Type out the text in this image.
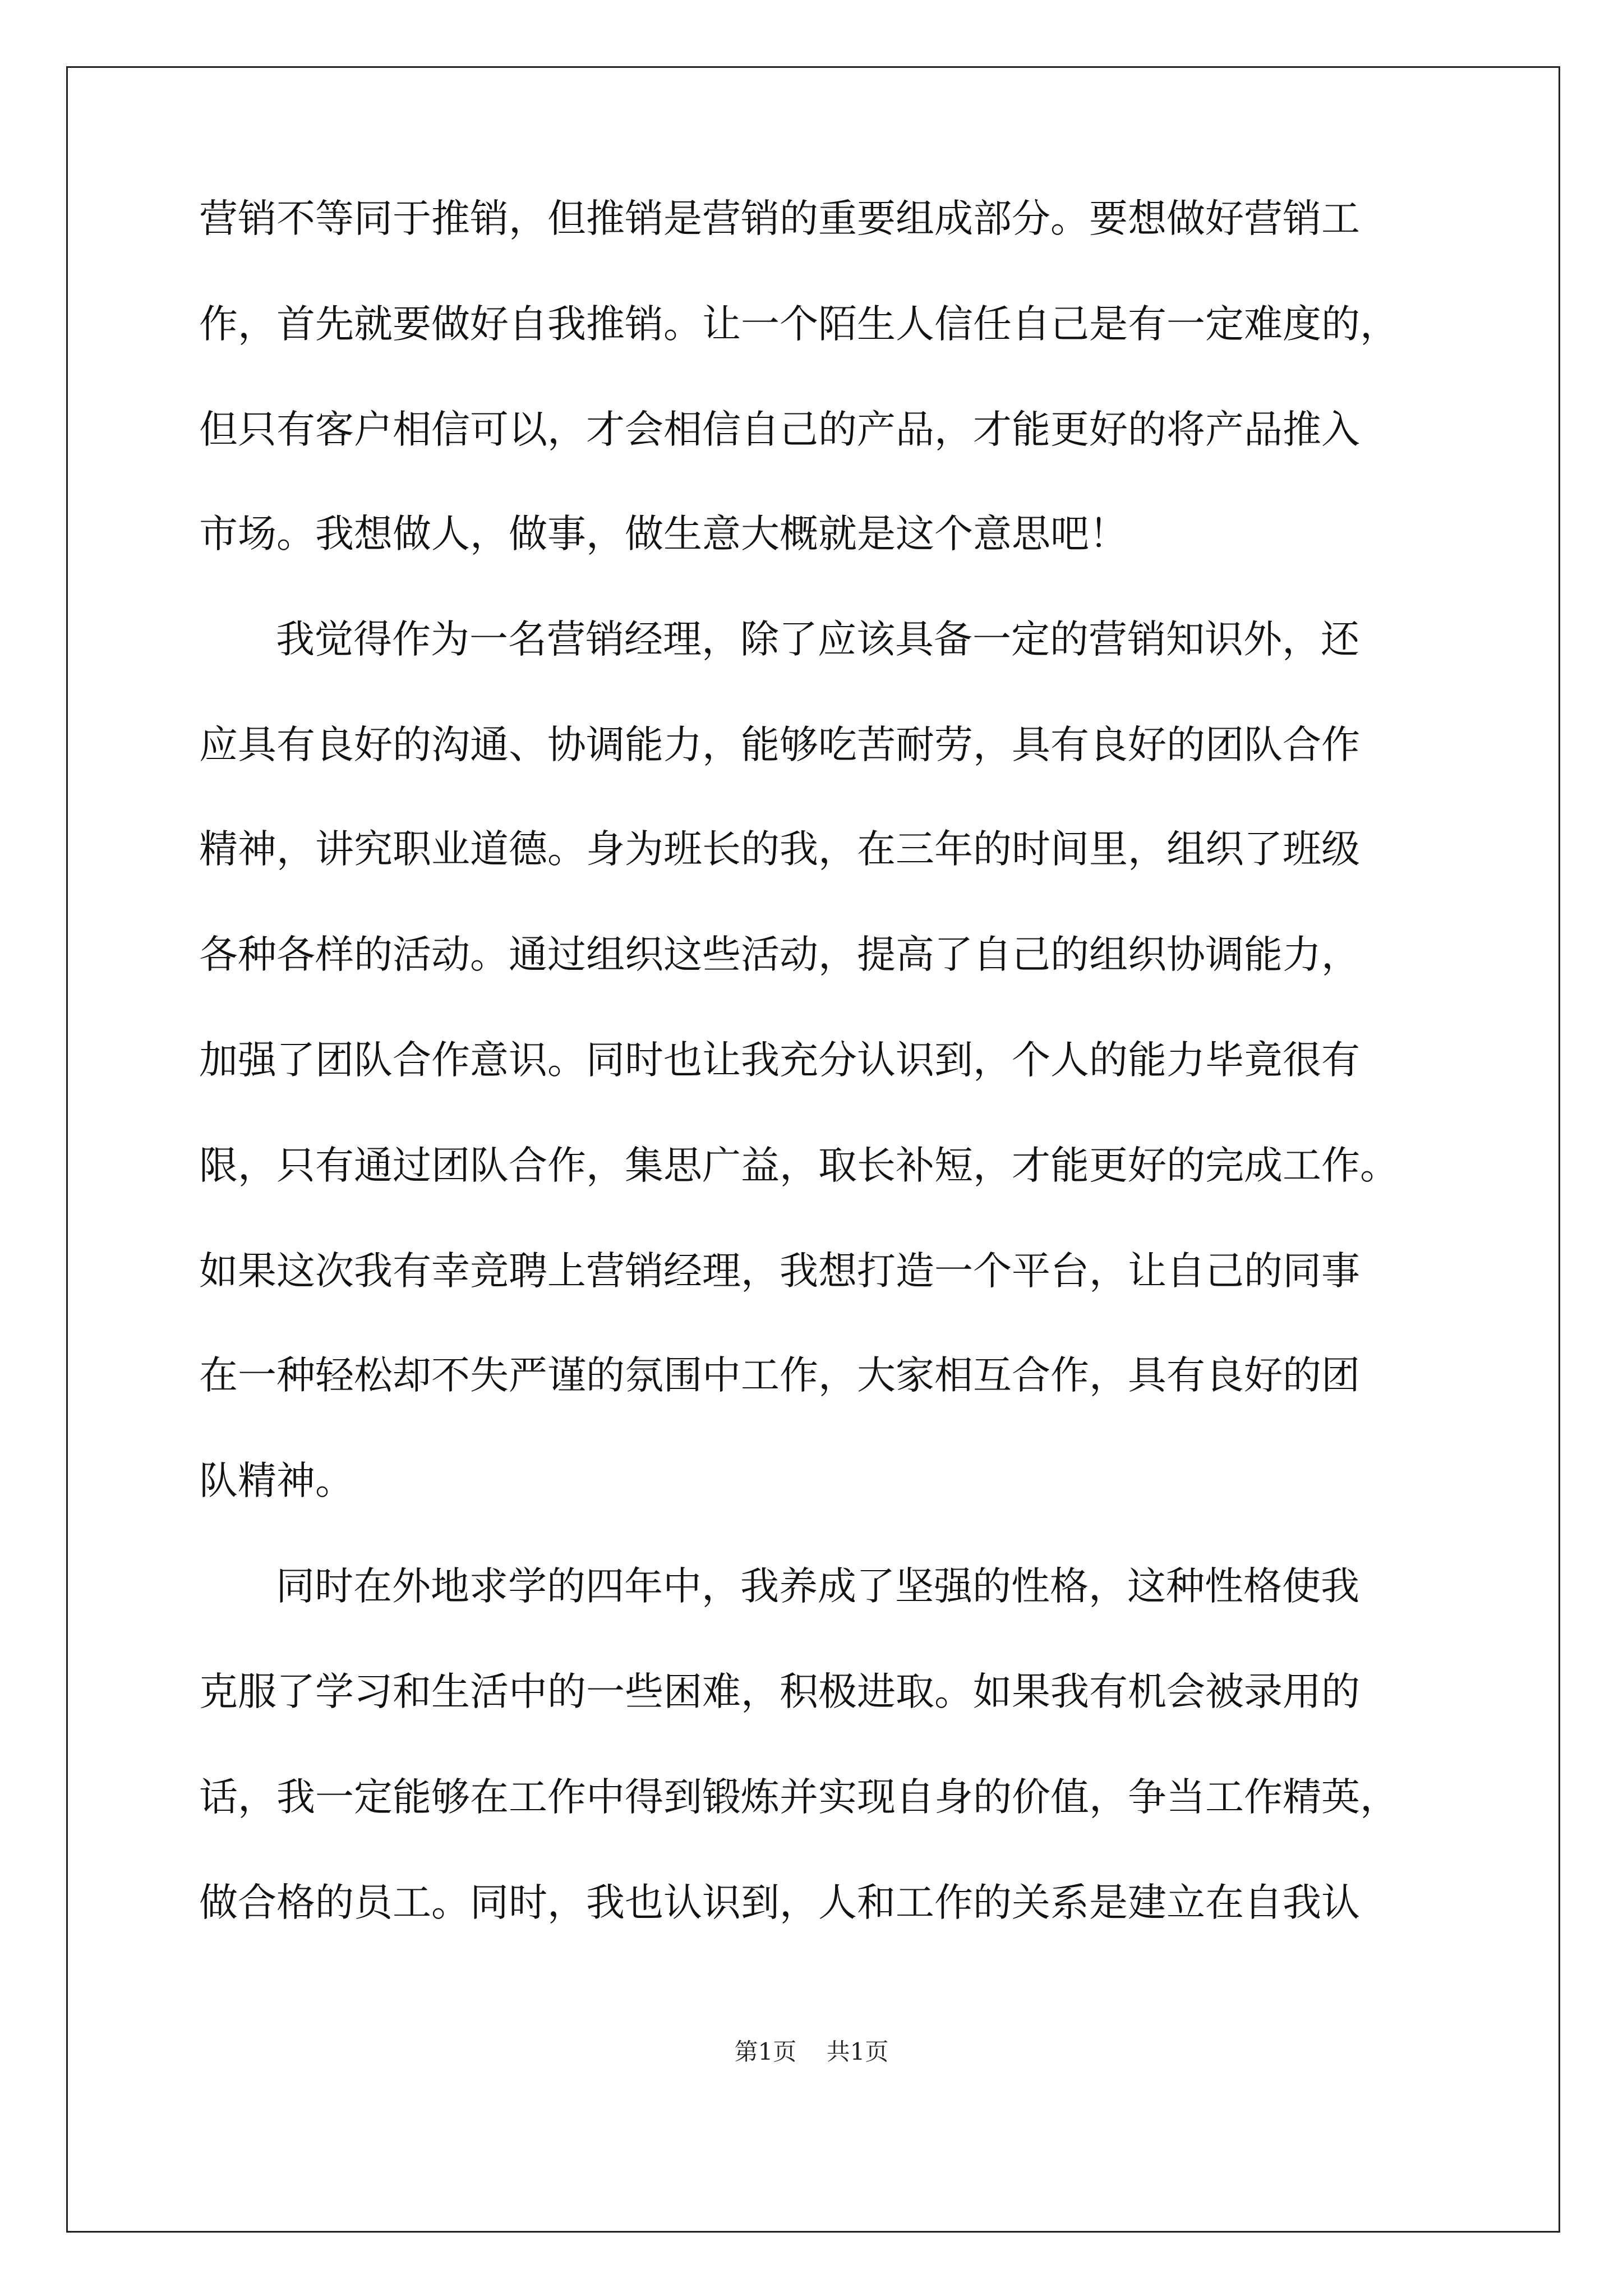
营销不等同于推销，但推销是营销的重要组成部分。要想做好营销工
作，首先就要做好自我推销。让一个陌生人信任自己是有一定难度的，
但只有客户相信可以，才会相信自己的产品，才能更好的将产品推入
市场。我想做人，做事，做生意大概就是这个意思吧！
我觉得作为一名营销经理，除了应该具备一定的营销知识外，还
应具有良好的沟通、协调能力，能够吃苦耐劳，具有良好的团队合作
精神，讲究职业道德。身为班长的我，在三年的时间里，组织了班级
各种各样的活动。通过组织这些活动，提高了自己的组织协调能力，
加强了团队合作意识。同时也让我充分认识到，个人的能力毕竟很有
限，只有通过团队合作，集思广益，取长补短，才能更好的完成工作。
如果这次我有幸竞聘上营销经理，我想打造一个平台，让自己的同事
在一种轻松却不失严谨的氛围中工作，大家相互合作，具有良好的团
队精神。
同时在外地求学的四年中，我养成了坚强的性格，这种性格使我
克服了学习和生活中的一些困难，积极进取。如果我有机会被录用的
话，我一定能够在工作中得到锻炼并实现自身的价值，争当工作精英，
做合格的员工。同时，我也认识到，人和工作的关系是建立在自我认
第1页 共1页
